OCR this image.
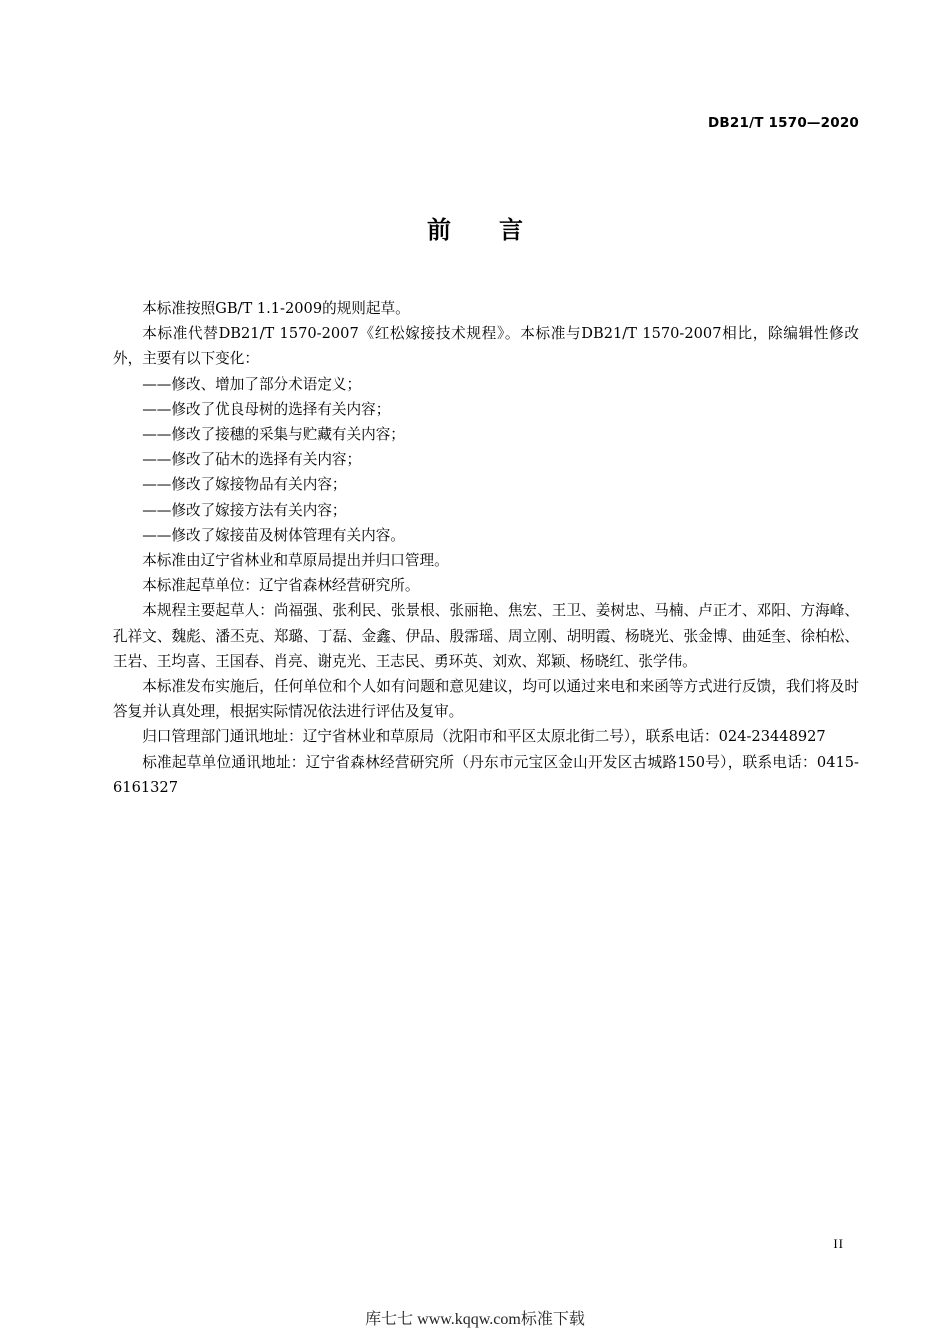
DB21/T 1570—2020
前 言

本标准按照GB/T 1.1-2009的规则起草。

本标准代替DB21/T 1570-2007《红松嫁接技术规程》。本标准与DB21/T 1570-2007相比，除编辑性修改外，主要有以下变化：

——修改、增加了部分术语定义；

——修改了优良母树的选择有关内容；

——修改了接穗的采集与贮藏有关内容；

——修改了砧木的选择有关内容；

——修改了嫁接物品有关内容；

——修改了嫁接方法有关内容；

——修改了嫁接苗及树体管理有关内容。

本标准由辽宁省林业和草原局提出并归口管理。

本标准起草单位：辽宁省森林经营研究所。

本规程主要起草人：尚福强、张利民、张景根、张丽艳、焦宏、王卫、姜树忠、马楠、卢正才、邓阳、方海峰、孔祥文、魏彪、潘丕克、郑璐、丁磊、金鑫、伊品、殷霈瑶、周立刚、胡明霞、杨晓光、张金博、曲延奎、徐柏松、王岩、王均喜、王国春、肖亮、谢克光、王志民、勇环英、刘欢、郑颖、杨晓红、张学伟。

本标准发布实施后，任何单位和个人如有问题和意见建议，均可以通过来电和来函等方式进行反馈，我们将及时答复并认真处理，根据实际情况依法进行评估及复审。

归口管理部门通讯地址：辽宁省林业和草原局（沈阳市和平区太原北街二号），联系电话：024-23448927

标准起草单位通讯地址：辽宁省森林经营研究所（丹东市元宝区金山开发区古城路150号），联系电话：0415-6161327

II
库七七 www.kqqw.com标准下载
